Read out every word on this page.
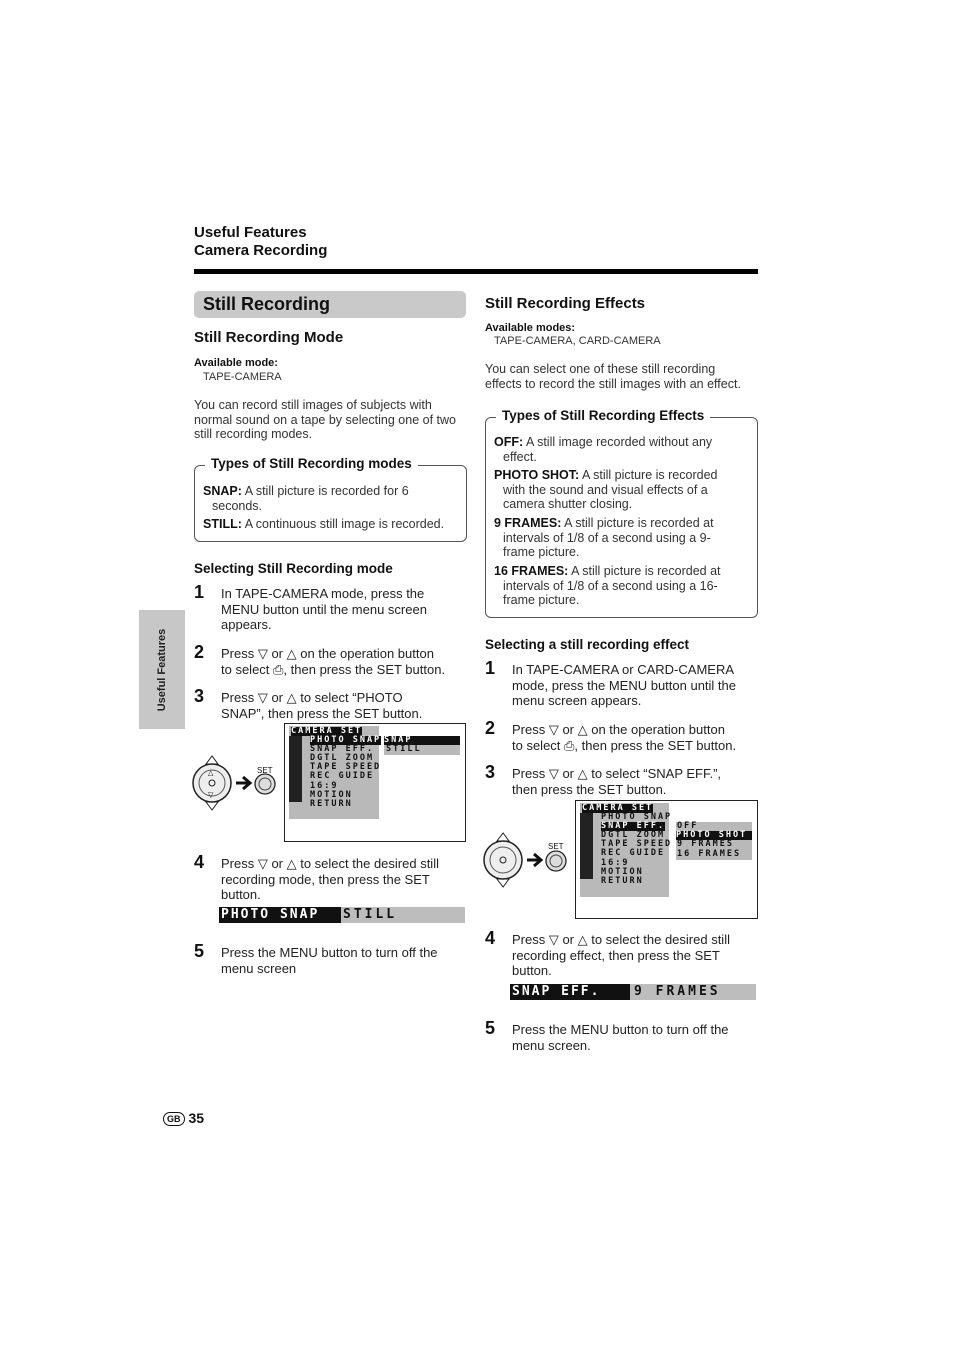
Useful Features
Camera Recording
Useful Features
Still Recording
Still Recording Mode
Available mode:
TAPE-CAMERA
You can record still images of subjects with
normal sound on a tape by selecting one of two
still recording modes.
Types of Still Recording modes
SNAP: A still picture is recorded for 6
seconds.
STILL: A continuous still image is recorded.
Selecting Still Recording mode
1 In TAPE-CAMERA mode, press the
MENU button until the menu screen
appears.
2 Press ▽ or △ on the operation button
to select ⎙, then press the SET button.
3 Press ▽ or △ to select “PHOTO
SNAP”, then press the SET button.
△
▽
SET
CAMERA SET
PHOTO SNAP
SNAP EFF.
DGTL ZOOM
TAPE SPEED
REC GUIDE
16:9
MOTION
RETURN
SNAP
STILL
4 Press ▽ or △ to select the desired still
recording mode, then press the SET
button.
PHOTO SNAP	STILL
5 Press the MENU button to turn off the
menu screen
Still Recording Effects
Available modes:
TAPE-CAMERA, CARD-CAMERA
You can select one of these still recording
effects to record the still images with an effect.
Types of Still Recording Effects
OFF: A still image recorded without any
effect.
PHOTO SHOT: A still picture is recorded
with the sound and visual effects of a
camera shutter closing.
9 FRAMES: A still picture is recorded at
intervals of 1/8 of a second using a 9-
frame picture.
16 FRAMES: A still picture is recorded at
intervals of 1/8 of a second using a 16-
frame picture.
Selecting a still recording effect
1 In TAPE-CAMERA or CARD-CAMERA
mode, press the MENU button until the
menu screen appears.
2 Press ▽ or △ on the operation button
to select ⎙, then press the SET button.
3 Press ▽ or △ to select “SNAP EFF.”,
then press the SET button.
SET
CAMERA SET
PHOTO SNAP
SNAP EFF.
DGTL ZOOM
TAPE SPEED
REC GUIDE
16:9
MOTION
RETURN
OFF
PHOTO SHOT
9 FRAMES
16 FRAMES
4 Press ▽ or △ to select the desired still
recording effect, then press the SET
button.
SNAP EFF.	9 FRAMES
5 Press the MENU button to turn off the
menu screen.
GB 35
